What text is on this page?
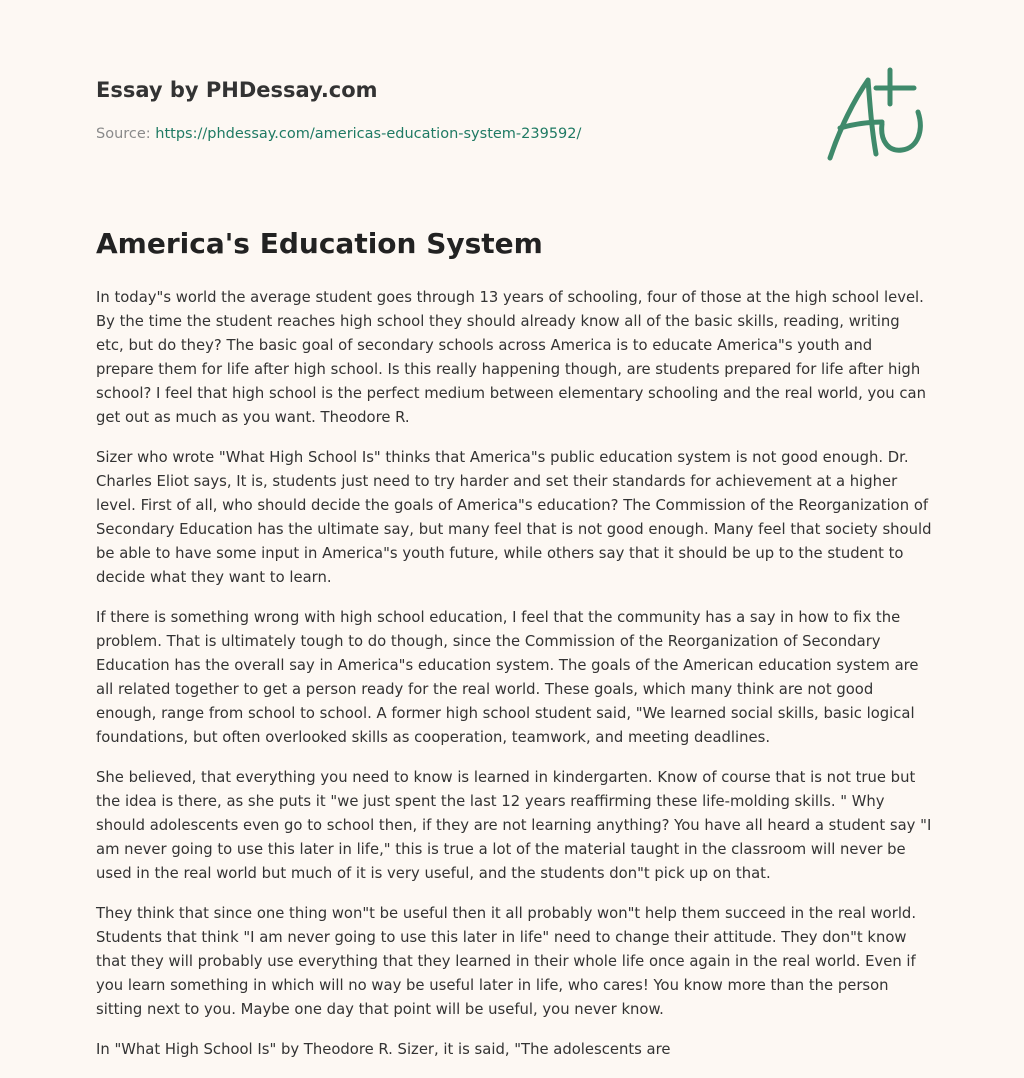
Essay by PHDessay.com
Source: https://phdessay.com/americas-education-system-239592/
America's Education System

In today"s world the average student goes through 13 years of schooling, four of those at the high school level. By the time the student reaches high school they should already know all of the basic skills, reading, writing etc, but do they? The basic goal of secondary schools across America is to educate America"s youth and prepare them for life after high school. Is this really happening though, are students prepared for life after high school? I feel that high school is the perfect medium between elementary schooling and the real world, you can get out as much as you want. Theodore R.

Sizer who wrote "What High School Is" thinks that America"s public education system is not good enough. Dr. Charles Eliot says, It is, students just need to try harder and set their standards for achievement at a higher level. First of all, who should decide the goals of America"s education? The Commission of the Reorganization of Secondary Education has the ultimate say, but many feel that is not good enough. Many feel that society should be able to have some input in America"s youth future, while others say that it should be up to the student to decide what they want to learn.

If there is something wrong with high school education, I feel that the community has a say in how to fix the problem. That is ultimately tough to do though, since the Commission of the Reorganization of Secondary Education has the overall say in America"s education system. The goals of the American education system are all related together to get a person ready for the real world. These goals, which many think are not good enough, range from school to school. A former high school student said, "We learned social skills, basic logical foundations, but often overlooked skills as cooperation, teamwork, and meeting deadlines.

She believed, that everything you need to know is learned in kindergarten. Know of course that is not true but the idea is there, as she puts it "we just spent the last 12 years reaffirming these life-molding skills. " Why should adolescents even go to school then, if they are not learning anything? You have all heard a student say "I am never going to use this later in life," this is true a lot of the material taught in the classroom will never be used in the real world but much of it is very useful, and the students don"t pick up on that.

They think that since one thing won"t be useful then it all probably won"t help them succeed in the real world. Students that think "I am never going to use this later in life" need to change their attitude. They don"t know that they will probably use everything that they learned in their whole life once again in the real world. Even if you learn something in which will no way be useful later in life, who cares! You know more than the person sitting next to you. Maybe one day that point will be useful, you never know.

In "What High School Is" by Theodore R. Sizer, it is said, "The adolescents are
